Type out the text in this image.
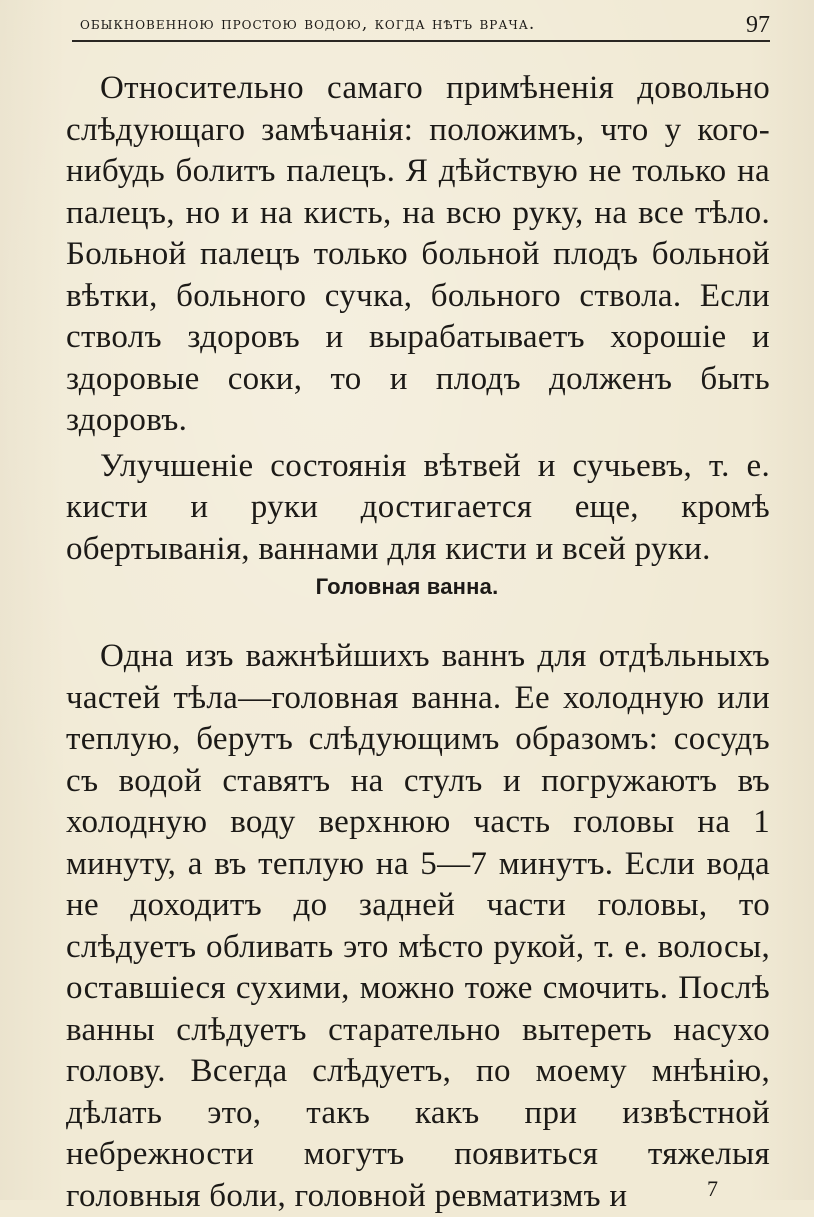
обыкновенною простою водою, когда нѣтъ врача.	97

Относительно самаго примѣненія довольно слѣдующаго замѣчанія: положимъ, что у кого-нибудь болитъ палецъ. Я дѣйствую не только на палецъ, но и на кисть, на всю руку, на все тѣло. Больной палецъ только больной плодъ больной вѣтки, больного сучка, больного ствола. Если стволъ здоровъ и вырабатываетъ хорошіе и здоровые соки, то и плодъ долженъ быть здоровъ.

Улучшеніе состоянія вѣтвей и сучьевъ, т. е. кисти и руки достигается еще, кромѣ обертыванія, ваннами для кисти и всей руки.

Головная ванна.

Одна изъ важнѣйшихъ ваннъ для отдѣльныхъ частей тѣла—головная ванна. Ее холодную или теплую, берутъ слѣдующимъ образомъ: сосудъ съ водой ставятъ на стулъ и погружаютъ въ холодную воду верхнюю часть головы на 1 минуту, а въ теплую на 5—7 минутъ. Если вода не доходитъ до задней части головы, то слѣдуетъ обливать это мѣсто рукой, т. е. волосы, оставшіеся сухими, можно тоже смочить. Послѣ ванны слѣдуетъ старательно вытереть насухо голову. Всегда слѣдуетъ, по моему мнѣнію, дѣлать это, такъ какъ при извѣстной небрежности могутъ появиться тяжелыя головныя боли, головной ревматизмъ и	7
